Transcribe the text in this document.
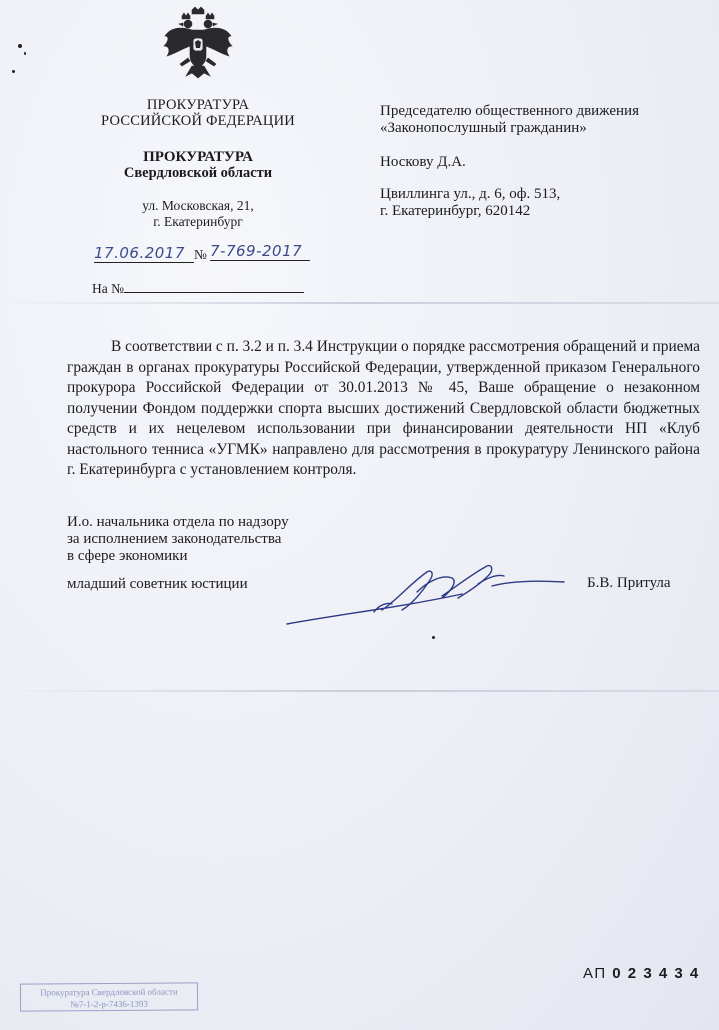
ПРОКУРАТУРА
РОССИЙСКОЙ ФЕДЕРАЦИИ
ПРОКУРАТУРА
Свердловской области
ул. Московская, 21,
г. Екатеринбург
Председателю общественного движения
«Законопослушный гражданин»
Носкову Д.А.
Цвиллинга ул., д. 6, оф. 513,
г. Екатеринбург, 620142
17.06.2017 № 7-769-2017
На №
В соответствии с п. 3.2 и п. 3.4 Инструкции о порядке рассмотрения обращений и приема граждан в органах прокуратуры Российской Федерации, утвержденной приказом Генерального прокурора Российской Федерации от 30.01.2013 № 45, Ваше обращение о незаконном получении Фондом поддержки спорта высших достижений Свердловской области бюджетных средств и их нецелевом использовании при финансировании деятельности НП «Клуб настольного тенниса «УГМК» направлено для рассмотрения в прокуратуру Ленинского района г. Екатеринбурга с установлением контроля.
И.о. начальника отдела по надзору
за исполнением законодательства
в сфере экономики
младший советник юстиции	Б.В. Притула
АП 0 2 3 4 3 4
Прокуратура Свердловской области
№7-1-2-р-7436-1393
